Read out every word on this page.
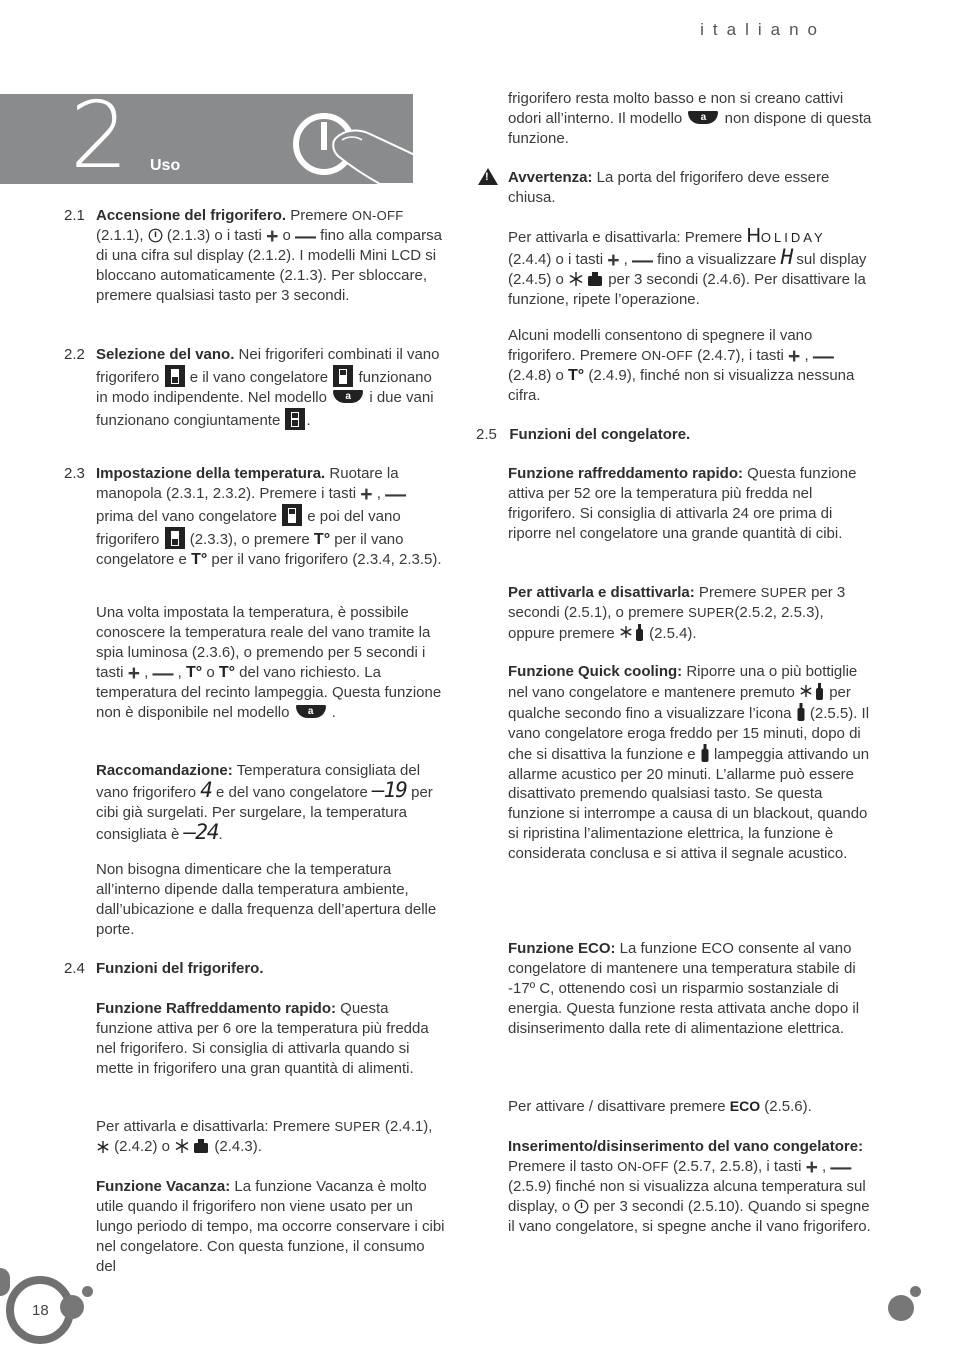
italiano
2 Uso

2.1 Accensione del frigorifero. Premere ON-OFF (2.1.1),  (2.1.3) o i tasti + o — fino alla comparsa di una cifra sul display (2.1.2). I modelli Mini LCD si bloccano automaticamente (2.1.3). Per sbloccare, premere qualsiasi tasto per 3 secondi.

2.2 Selezione del vano. Nei frigoriferi combinati il vano frigorifero  e il vano congelatore  funzionano in modo indipendente. Nel modello a i due vani funzionano congiuntamente .

2.3 Impostazione della temperatura. Ruotare la manopola (2.3.1, 2.3.2). Premere i tasti + , — prima del vano congelatore  e poi del vano frigorifero  (2.3.3), o premere T° per il vano congelatore e T° per il vano frigorifero (2.3.4, 2.3.5).

Una volta impostata la temperatura, è possibile conoscere la temperatura reale del vano tramite la spia luminosa (2.3.6), o premendo per 5 secondi i tasti + , — , T° o T° del vano richiesto. La temperatura del recinto lampeggia. Questa funzione non è disponibile nel modello a .

Raccomandazione: Temperatura consigliata del vano frigorifero 4 e del vano congelatore –19 per cibi già surgelati. Per surgelare, la temperatura consigliata è –24.

Non bisogna dimenticare che la temperatura all’interno dipende dalla temperatura ambiente, dall’ubicazione e dalla frequenza dell’apertura delle porte.

2.4 Funzioni del frigorifero.

Funzione Raffreddamento rapido: Questa funzione attiva per 6 ore la temperatura più fredda nel frigorifero. Si consiglia di attivarla quando si mette in frigorifero una gran quantità di alimenti.

Per attivarla e disattivarla: Premere SUPER (2.4.1),  (2.4.2) o  (2.4.3).

Funzione Vacanza: La funzione Vacanza è molto utile quando il frigorifero non viene usato per un lungo periodo di tempo, ma occorre conservare i cibi nel congelatore. Con questa funzione, il consumo del

frigorifero resta molto basso e non si creano cattivi odori all’interno. Il modello a non dispone di questa funzione.

!
Avvertenza: La porta del frigorifero deve essere chiusa.

Per attivarla e disattivarla: Premere HOLIDAY (2.4.4) o i tasti + , — fino a visualizzare H sul display (2.4.5) o  per 3 secondi (2.4.6). Per disattivare la funzione, ripete l’operazione.

Alcuni modelli consentono di spegnere il vano frigorifero. Premere ON-OFF (2.4.7), i tasti + , — (2.4.8) o T° (2.4.9), finché non si visualizza nessuna cifra.

2.5 Funzioni del congelatore.

Funzione raffreddamento rapido: Questa funzione attiva per 52 ore la temperatura più fredda nel frigorifero. Si consiglia di attivarla 24 ore prima di riporre nel congelatore una grande quantità di cibi.

Per attivarla e disattivarla: Premere SUPER per 3 secondi (2.5.1), o premere SUPER(2.5.2, 2.5.3), oppure premere  (2.5.4).

Funzione Quick cooling: Riporre una o più bottiglie nel vano congelatore e mantenere premuto  per qualche secondo fino a visualizzare l’icona  (2.5.5). Il vano congelatore eroga freddo per 15 minuti, dopo di che si disattiva la funzione e  lampeggia attivando un allarme acustico per 20 minuti. L’allarme può essere disattivato premendo qualsiasi tasto. Se questa funzione si interrompe a causa di un blackout, quando si ripristina l’alimentazione elettrica, la funzione è considerata conclusa e si attiva il segnale acustico.

Funzione ECO: La funzione ECO consente al vano congelatore di mantenere una temperatura stabile di -17º C, ottenendo così un risparmio sostanziale di energia. Questa funzione resta attivata anche dopo il disinserimento dalla rete di alimentazione elettrica.

Per attivare / disattivare premere ECO (2.5.6).

Inserimento/disinserimento del vano congelatore: Premere il tasto ON-OFF (2.5.7, 2.5.8), i tasti + , — (2.5.9) finché non si visualizza alcuna temperatura sul display, o  per 3 secondi (2.5.10). Quando si spegne il vano congelatore, si spegne anche il vano frigorifero.

18
